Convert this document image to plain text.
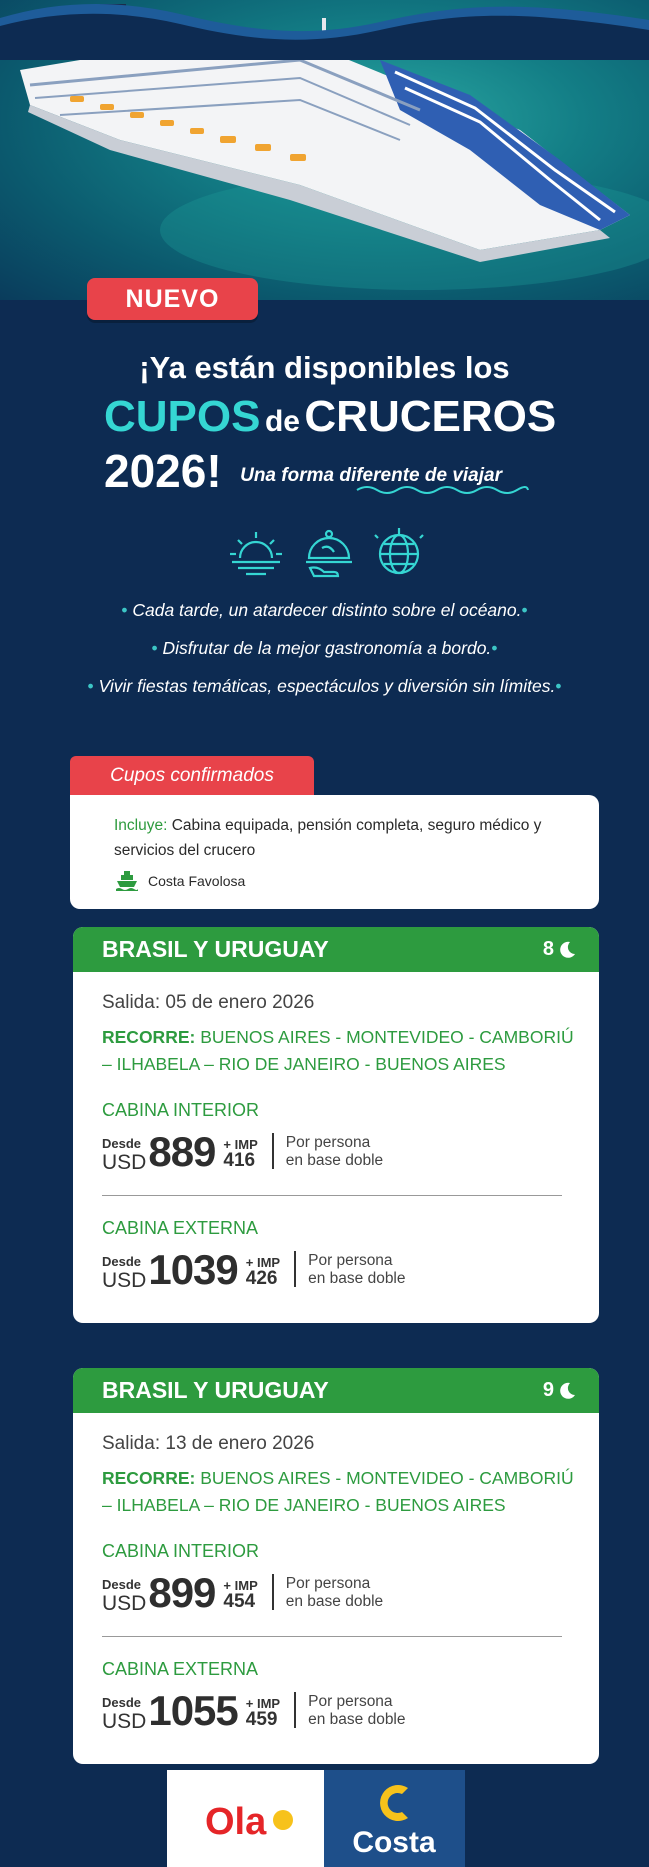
NUEVO
¡Ya están disponibles los
CUPOS de CRUCEROS
2026! Una forma diferente de viajar
• Cada tarde, un atardecer distinto sobre el océano.•
• Disfrutar de la mejor gastronomía a bordo.•
• Vivir fiestas temáticas, espectáculos y diversión sin límites.•
Cupos confirmados
Incluye: Cabina equipada, pensión completa, seguro médico y servicios del crucero
Costa Favolosa
BRASIL Y URUGUAY	8
Salida: 05 de enero 2026
RECORRE: BUENOS AIRES - MONTEVIDEO - CAMBORIÚ – ILHABELA – RIO DE JANEIRO - BUENOS AIRES
CABINA INTERIOR
Desde
USD 889 + IMP
416
Por persona
en base doble
CABINA EXTERNA
Desde
USD 1039 + IMP
426
Por persona
en base doble
BRASIL Y URUGUAY	9
Salida: 13 de enero 2026
RECORRE: BUENOS AIRES - MONTEVIDEO - CAMBORIÚ – ILHABELA – RIO DE JANEIRO - BUENOS AIRES
CABINA INTERIOR
Desde
USD 899 + IMP
454
Por persona
en base doble
CABINA EXTERNA
Desde
USD 1055 + IMP
459
Por persona
en base doble
Ola	Costa
